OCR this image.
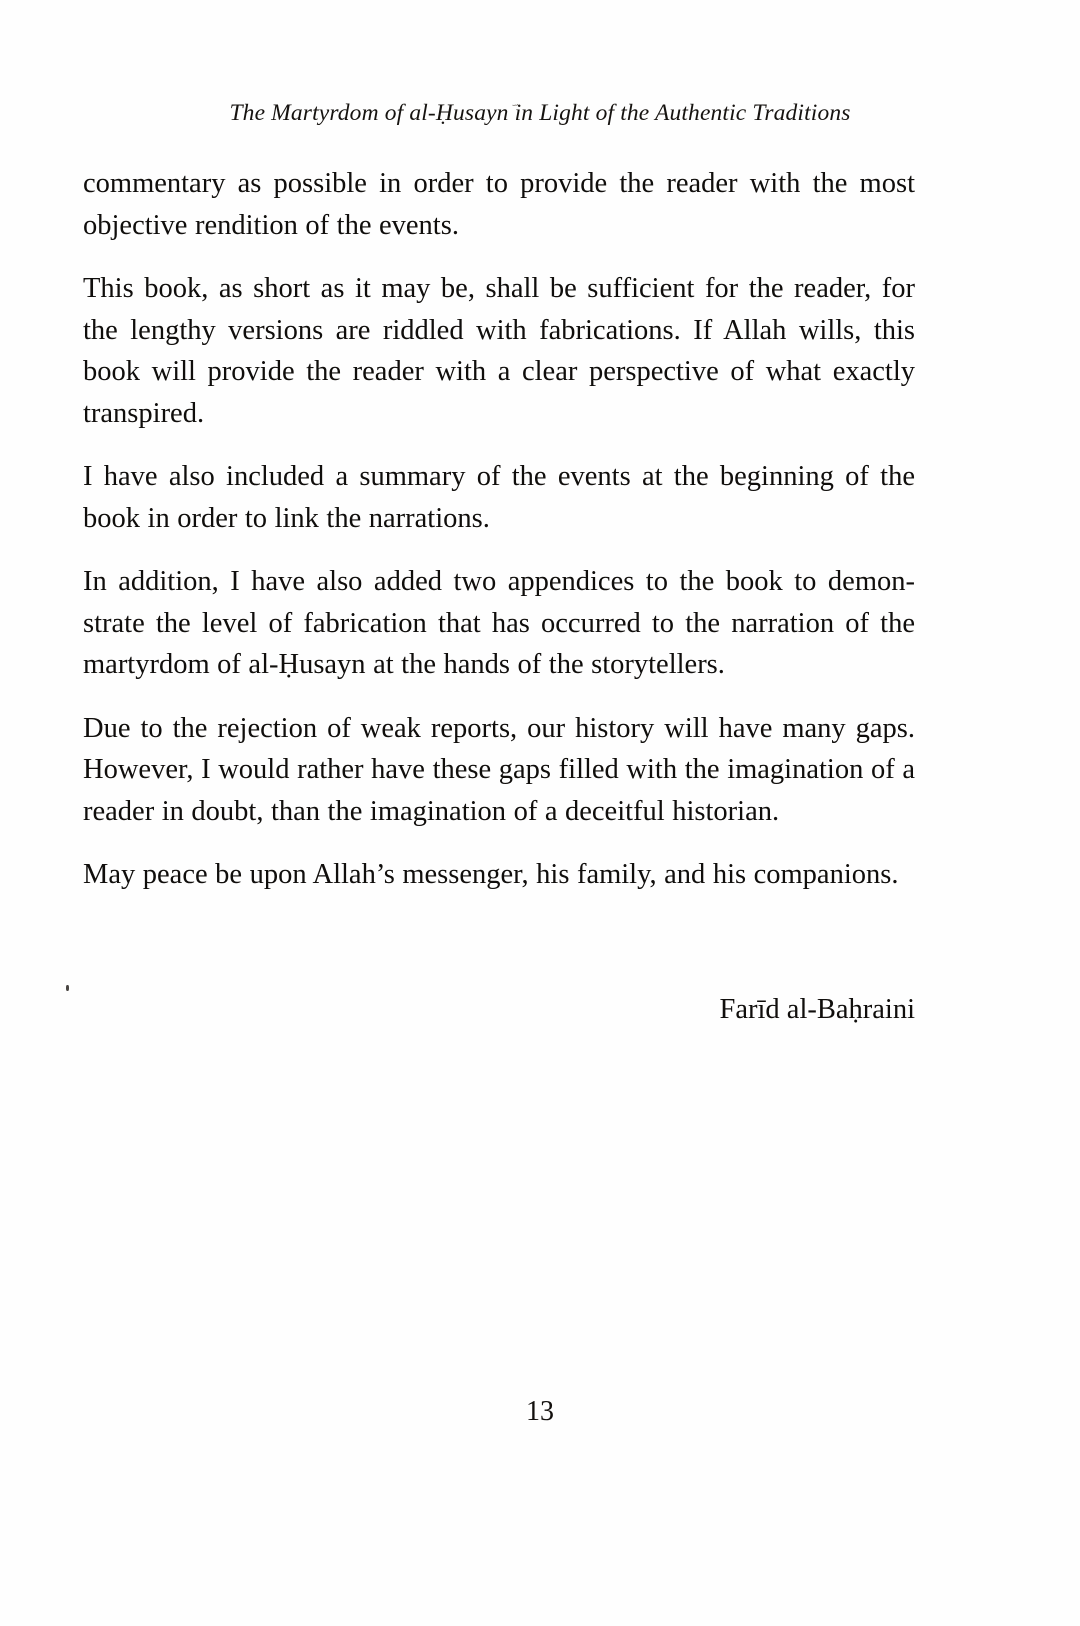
The Martyrdom of al-Ḥusayn in Light of the Authentic Traditions

commentary as possible in order to provide the reader with the most objective rendition of the events.

This book, as short as it may be, shall be sufficient for the reader, for the lengthy versions are riddled with fabrications. If Allah wills, this book will provide the reader with a clear perspective of what exactly transpired.

I have also included a summary of the events at the beginning of the book in order to link the narrations.

In addition, I have also added two appendices to the book to demonstrate the level of fabrication that has occurred to the narration of the martyrdom of al-Ḥusayn at the hands of the storytellers.

Due to the rejection of weak reports, our history will have many gaps. However, I would rather have these gaps filled with the imagination of a reader in doubt, than the imagination of a deceitful historian.

May peace be upon Allah’s messenger, his family, and his companions.

Farīd al-Baḥraini
13
